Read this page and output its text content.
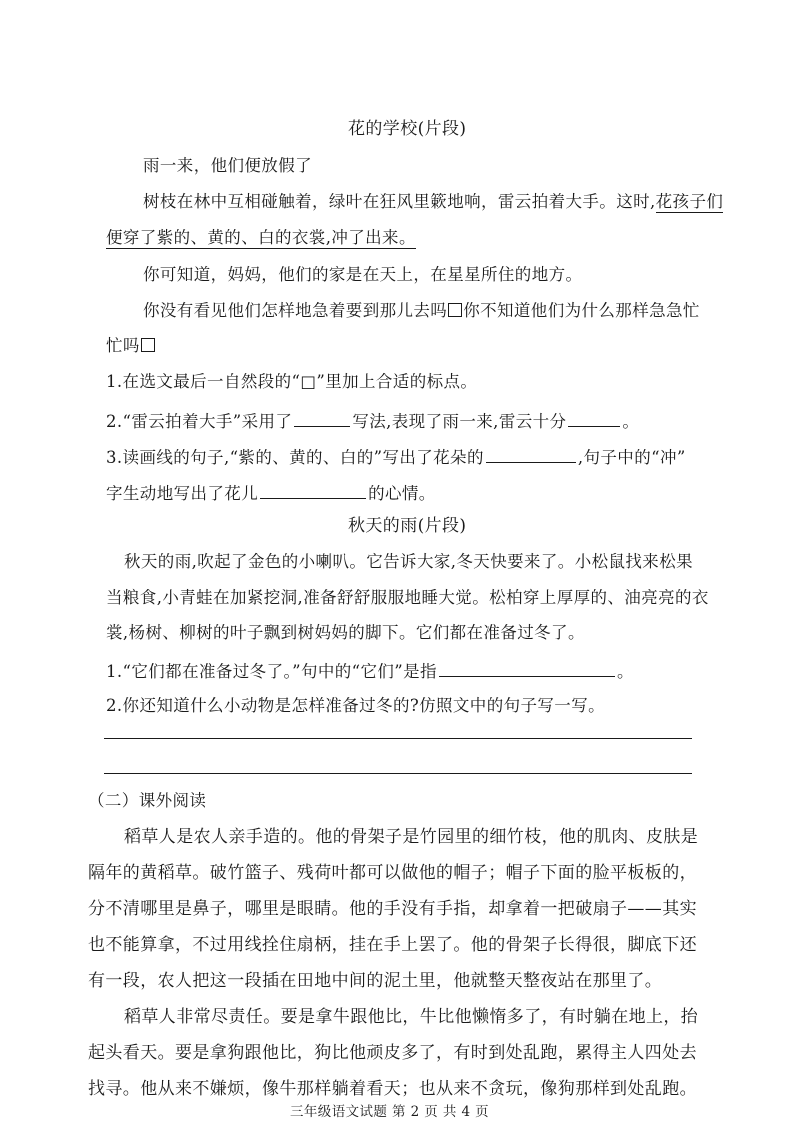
花的学校(片段)
雨一来，他们便放假了
树枝在林中互相碰触着，绿叶在狂风里簌地响，雷云拍着大手。这时,花孩子们
便穿了紫的、黄的、白的衣裳,冲了出来。
你可知道，妈妈，他们的家是在天上，在星星所住的地方。
你没有看见他们怎样地急着要到那儿去吗 你不知道他们为什么那样急急忙
忙吗
1.在选文最后一自然段的“□”里加上合适的标点。
2.“雷云拍着大手”采用了	写法,表现了雨一来,雷云十分	。
3.读画线的句子,“紫的、黄的、白的”写出了花朵的	,句子中的“冲”
字生动地写出了花儿	的心情。
秋天的雨(片段)
秋天的雨,吹起了金色的小喇叭。它告诉大家,冬天快要来了。小松鼠找来松果
当粮食,小青蛙在加紧挖洞,准备舒舒服服地睡大觉。松柏穿上厚厚的、油亮亮的衣
裳,杨树、柳树的叶子飘到树妈妈的脚下。它们都在准备过冬了。
1.“它们都在准备过冬了。”句中的“它们”是指	。
2.你还知道什么小动物是怎样准备过冬的?仿照文中的句子写一写。
（二）课外阅读
稻草人是农人亲手造的。他的骨架子是竹园里的细竹枝，他的肌肉、皮肤是
隔年的黄稻草。破竹篮子、残荷叶都可以做他的帽子；帽子下面的脸平板板的，
分不清哪里是鼻子，哪里是眼睛。他的手没有手指，却拿着一把破扇子——其实
也不能算拿，不过用线拴住扇柄，挂在手上罢了。他的骨架子长得很，脚底下还
有一段，农人把这一段插在田地中间的泥土里，他就整天整夜站在那里了。
稻草人非常尽责任。要是拿牛跟他比，牛比他懒惰多了，有时躺在地上，抬
起头看天。要是拿狗跟他比，狗比他顽皮多了，有时到处乱跑，累得主人四处去
找寻。他从来不嫌烦，像牛那样躺着看天；也从来不贪玩，像狗那样到处乱跑。
三年级语文试题 第 2 页 共 4 页
